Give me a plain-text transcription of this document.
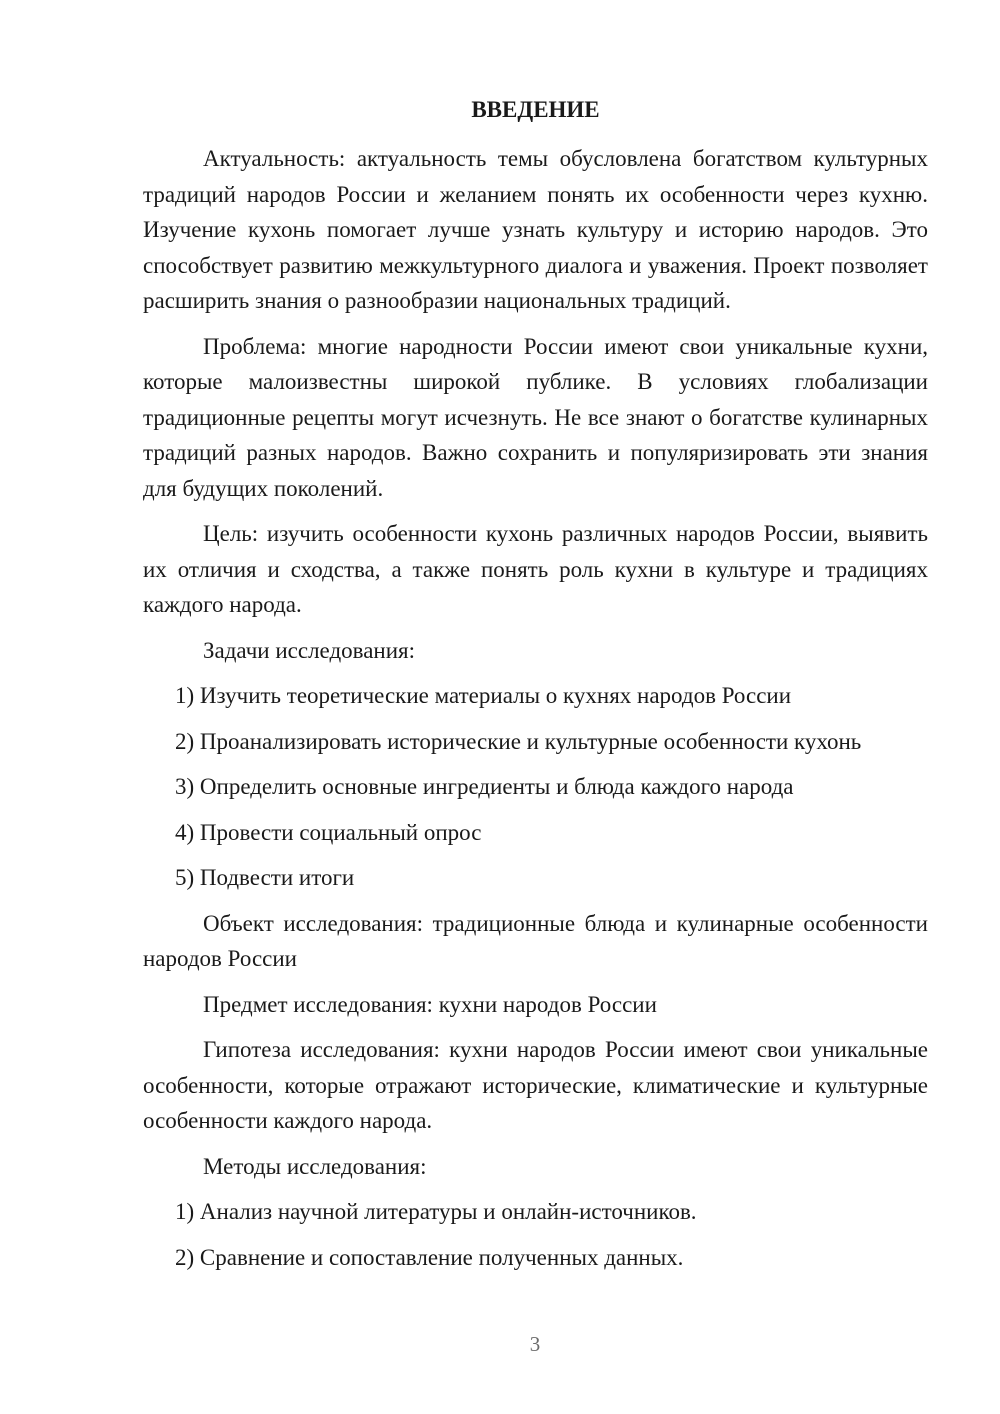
ВВЕДЕНИЕ

Актуальность: актуальность темы обусловлена богатством культурных традиций народов России и желанием понять их особенности через кухню. Изучение кухонь помогает лучше узнать культуру и историю народов. Это способствует развитию межкультурного диалога и уважения. Проект позволяет расширить знания о разнообразии национальных традиций.

Проблема: многие народности России имеют свои уникальные кухни, которые малоизвестны широкой публике. В условиях глобализации традиционные рецепты могут исчезнуть. Не все знают о богатстве кулинарных традиций разных народов. Важно сохранить и популяризировать эти знания для будущих поколений.

Цель: изучить особенности кухонь различных народов России, выявить их отличия и сходства, а также понять роль кухни в культуре и традициях каждого народа.

Задачи исследования:

1) Изучить теоретические материалы о кухнях народов России

2) Проанализировать исторические и культурные особенности кухонь

3) Определить основные ингредиенты и блюда каждого народа

4) Провести социальный опрос

5) Подвести итоги

Объект исследования: традиционные блюда и кулинарные особенности народов России

Предмет исследования: кухни народов России

Гипотеза исследования: кухни народов России имеют свои уникальные особенности, которые отражают исторические, климатические и культурные особенности каждого народа.

Методы исследования:

1) Анализ научной литературы и онлайн-источников.

2) Сравнение и сопоставление полученных данных.

3
